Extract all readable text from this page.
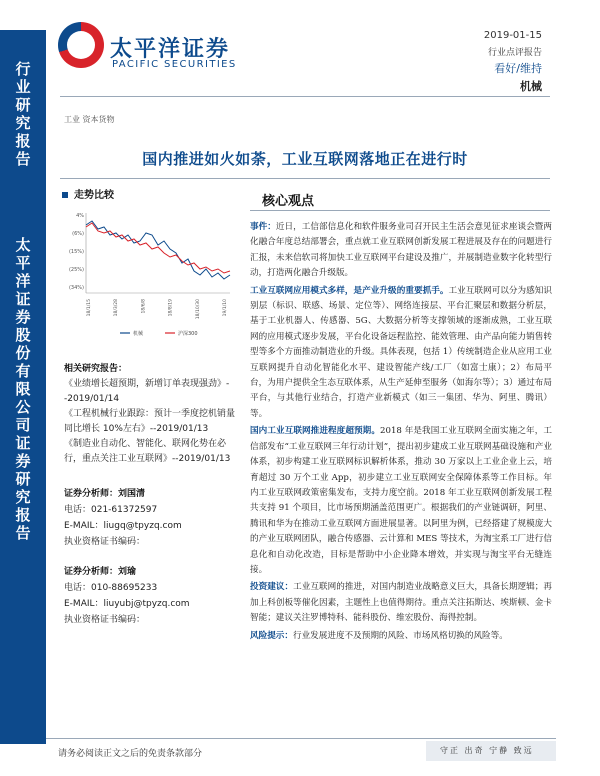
行业研究报告
太平洋证券股份有限公司证券研究报告
太平洋证券
PACIFIC SECURITIES
2019-01-15
行业点评报告
看好/维持
机械
工业 资本货物
国内推进如火如荼，工业互联网落地正在进行时
走势比较
4%
(6%)
(15%)
(25%)
(34%)
18/1/15	18/3/28	18/6/8	18/8/19	18/10/30	19/1/10
机械	沪深300

相关研究报告：

《业绩增长超预期，新增订单表现强劲》--2019/01/14

《工程机械行业跟踪：预计一季度挖机销量同比增长 10%左右》--2019/01/13

《制造业自动化、智能化、联网化势在必行，重点关注工业互联网》--2019/01/13

证券分析师：刘国清

电话：021-61372597

E-MAIL：liugq@tpyzq.com

执业资格证书编码：

证券分析师：刘瑜

电话：010-88695233

E-MAIL：liuyubj@tpyzq.com

执业资格证书编码：

核心观点

事件：近日，工信部信息化和软件服务业司召开民主生活会意见征求座谈会暨两化融合年度总结部署会，重点就工业互联网创新发展工程进展及存在的问题进行汇报，未来信软司将加快工业互联网平台建设及推广，并展制造业数字化转型行动，打造两化融合升级版。

工业互联网应用模式多样，是产业升级的重要抓手。工业互联网可以分为感知识别层（标识、联感、场景、定位等）、网络连接层、平台汇聚层和数据分析层，基于工业机器人、传感器、5G、大数据分析等支撑领域的逐渐成熟，工业互联网的应用模式逐步发展，平台化设备远程监控、能效管理、由产品向能力销售转型等多个方面推动制造业的升级。具体表现，包括 1）传统制造企业从应用工业互联网提升自动化智能化水平、建设智能产线/工厂（如富士康）；2）布局平台，为用户提供全生态互联体系，从生产延伸至服务（如海尔等）；3）通过布局平台，与其他行业结合，打造产业新模式（如三一集团、华为、阿里、腾讯）等。

国内工业互联网推进程度超预期。2018 年是我国工业互联网全面实施之年，工信部发布“工业互联网三年行动计划”，提出初步建成工业互联网基础设施和产业体系，初步构建工业互联网标识解析体系，推动 30 万家以上工业企业上云，培育超过 30 万个工业 App，初步建立工业互联网安全保障体系等工作目标。年内工业互联网政策密集发布，支持力度空前。2018 年工业互联网创新发展工程共支持 91 个项目，比市场预期涵盖范围更广。根据我们的产业链调研，阿里、腾讯和华为在推动工业互联网方面进展显著。以阿里为例，已经搭建了规模庞大的产业互联网团队，融合传感器、云计算和 MES 等技术，为淘宝系工厂进行信息化和自动化改造，目标是帮助中小企业降本增效，并实现与淘宝平台无缝连接。

投资建议：工业互联网的推进，对国内制造业战略意义巨大，具备长期逻辑；再加上科创板等催化因素，主题性上也值得期待。重点关注拓斯达、埃斯顿、金卡智能；建议关注罗博特科、能科股份、维宏股份、海得控制。

风险提示：行业发展进度不及预期的风险、市场风格切换的风险等。

请务必阅读正文之后的免责条款部分	守正 出奇 宁静 致远
